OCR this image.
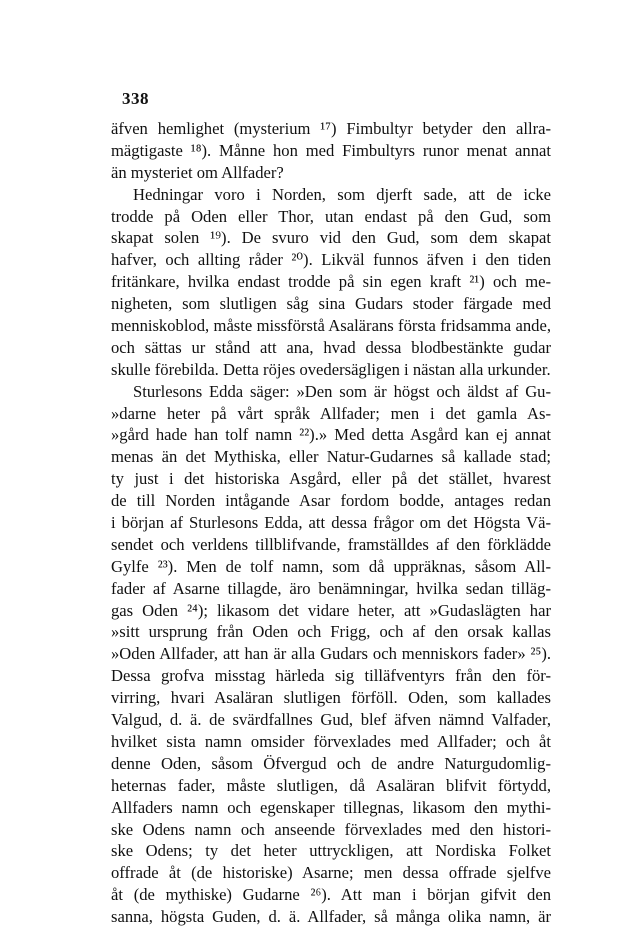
338
äfven hemlighet (mysterium ¹⁷) Fimbultyr betyder den allra-
mägtigaste ¹⁸). Månne hon med Fimbultyrs runor menat annat
än mysteriet om Allfader?
Hedningar voro i Norden, som djerft sade, att de icke
trodde på Oden eller Thor, utan endast på den Gud, som
skapat solen ¹⁹). De svuro vid den Gud, som dem skapat
hafver, och allting råder ²⁰). Likväl funnos äfven i den tiden
fritänkare, hvilka endast trodde på sin egen kraft ²¹) och me-
nigheten, som slutligen såg sina Gudars stoder färgade med
menniskoblod, måste missförstå Asalärans första fridsamma ande,
och sättas ur stånd att ana, hvad dessa blodbestänkte gudar
skulle förebilda. Detta röjes ovedersägligen i nästan alla urkunder.
Sturlesons Edda säger: »Den som är högst och äldst af Gu-
»darne heter på vårt språk Allfader; men i det gamla As-
»gård hade han tolf namn ²²).» Med detta Asgård kan ej annat
menas än det Mythiska, eller Natur-Gudarnes så kallade stad;
ty just i det historiska Asgård, eller på det stället, hvarest
de till Norden intågande Asar fordom bodde, antages redan
i början af Sturlesons Edda, att dessa frågor om det Högsta Vä-
sendet och verldens tillblifvande, framställdes af den förklädde
Gylfe ²³). Men de tolf namn, som då uppräknas, såsom All-
fader af Asarne tillagde, äro benämningar, hvilka sedan tilläg-
gas Oden ²⁴); likasom det vidare heter, att »Gudaslägten har
»sitt ursprung från Oden och Frigg, och af den orsak kallas
»Oden Allfader, att han är alla Gudars och menniskors fader» ²⁵).
Dessa grofva misstag härleda sig tilläfventyrs från den för-
virring, hvari Asaläran slutligen förföll. Oden, som kallades
Valgud, d. ä. de svärdfallnes Gud, blef äfven nämnd Valfader,
hvilket sista namn omsider förvexlades med Allfader; och åt
denne Oden, såsom Öfvergud och de andre Naturgudomlig-
heternas fader, måste slutligen, då Asaläran blifvit förtydd,
Allfaders namn och egenskaper tillegnas, likasom den mythi-
ske Odens namn och anseende förvexlades med den histori-
ske Odens; ty det heter uttryckligen, att Nordiska Folket
offrade åt (de historiske) Asarne; men dessa offrade sjelfve
åt (de mythiske) Gudarne ²⁶). Att man i början gifvit den
sanna, högsta Guden, d. ä. Allfader, så många olika namn, är
